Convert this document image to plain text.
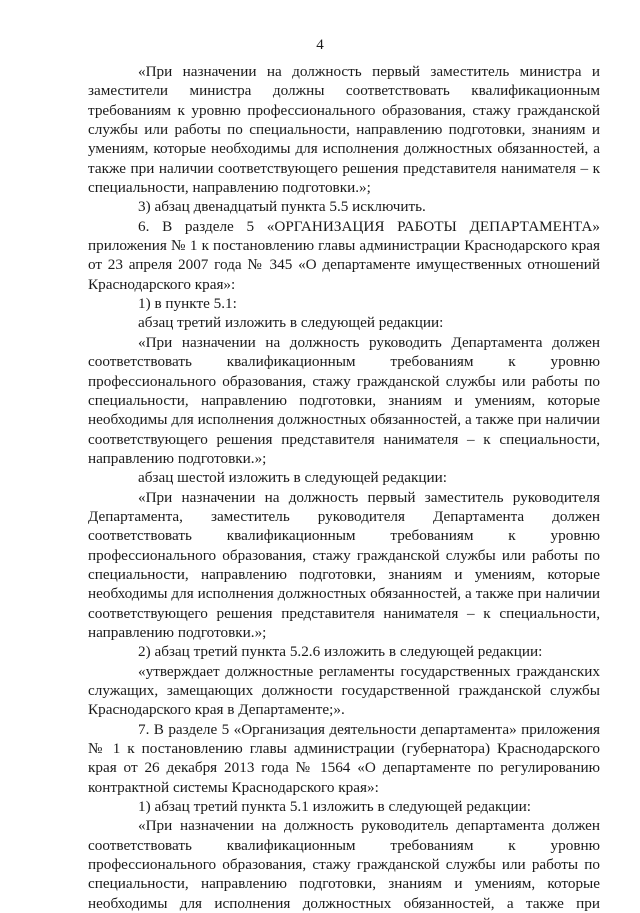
4

«При назначении на должность первый заместитель министра и заместители министра должны соответствовать квалификационным требованиям к уровню профессионального образования, стажу гражданской службы или работы по специальности, направлению подготовки, знаниям и умениям, которые необходимы для исполнения должностных обязанностей, а также при наличии соответствующего решения представителя нанимателя – к специальности, направлению подготовки.»;

3) абзац двенадцатый пункта 5.5 исключить.

6. В разделе 5 «ОРГАНИЗАЦИЯ РАБОТЫ ДЕПАРТАМЕНТА» приложения № 1 к постановлению главы администрации Краснодарского края от 23 апреля 2007 года № 345 «О департаменте имущественных отношений Краснодарского края»:

1) в пункте 5.1:

абзац третий изложить в следующей редакции:

«При назначении на должность руководить Департамента должен соответствовать квалификационным требованиям к уровню профессионального образования, стажу гражданской службы или работы по специальности, направлению подготовки, знаниям и умениям, которые необходимы для исполнения должностных обязанностей, а также при наличии соответствующего решения представителя нанимателя – к специальности, направлению подготовки.»;

абзац шестой изложить в следующей редакции:

«При назначении на должность первый заместитель руководителя Департамента, заместитель руководителя Департамента должен соответствовать квалификационным требованиям к уровню профессионального образования, стажу гражданской службы или работы по специальности, направлению подготовки, знаниям и умениям, которые необходимы для исполнения должностных обязанностей, а также при наличии соответствующего решения представителя нанимателя – к специальности, направлению подготовки.»;

2) абзац третий пункта 5.2.6 изложить в следующей редакции:

«утверждает должностные регламенты государственных гражданских служащих, замещающих должности государственной гражданской службы Краснодарского края в Департаменте;».

7. В разделе 5 «Организация деятельности департамента» приложения № 1 к постановлению главы администрации (губернатора) Краснодарского края от 26 декабря 2013 года № 1564 «О департаменте по регулированию контрактной системы Краснодарского края»:

1) абзац третий пункта 5.1 изложить в следующей редакции:

«При назначении на должность руководитель департамента должен соответствовать квалификационным требованиям к уровню профессионального образования, стажу гражданской службы или работы по специальности, направлению подготовки, знаниям и умениям, которые необходимы для исполнения должностных обязанностей, а также при
